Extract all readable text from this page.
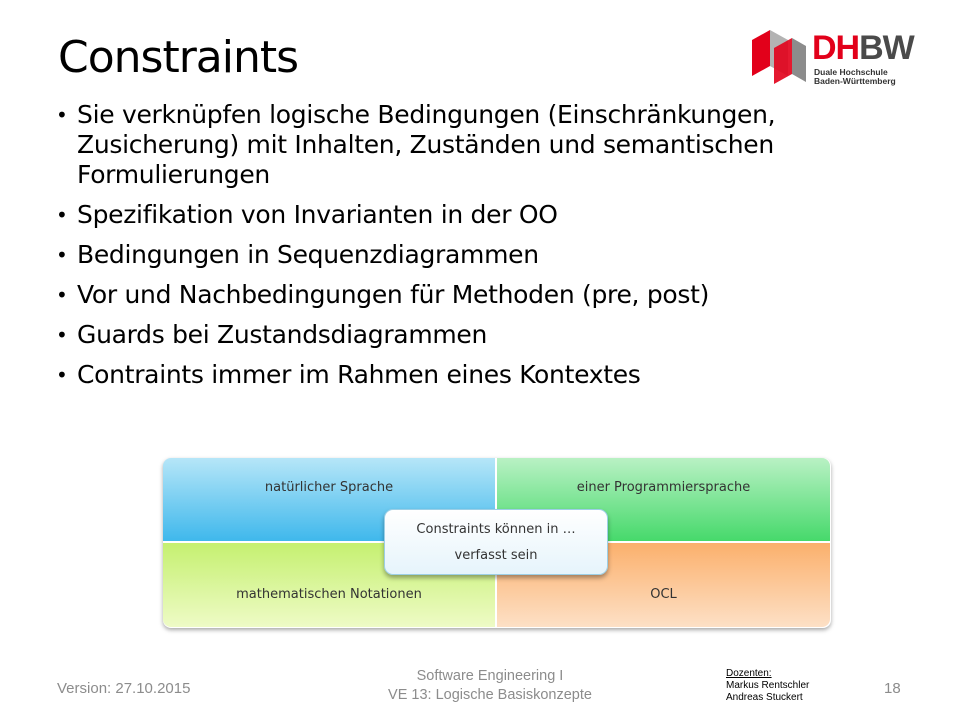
Constraints	DHBW
Duale Hochschule
Baden-Württemberg
• Sie verknüpfen logische Bedingungen (Einschränkungen, Zusicherung) mit Inhalten, Zuständen und semantischen Formulierungen
• Spezifikation von Invarianten in der OO
• Bedingungen in Sequenzdiagrammen
• Vor und Nachbedingungen für Methoden (pre, post)
• Guards bei Zustandsdiagrammen
• Contraints immer im Rahmen eines Kontextes
natürlicher Sprache	einer Programmiersprache
mathematischen Notationen	OCL
Constraints können in …
verfasst sein
Version: 27.10.2015
Software Engineering I
VE 13: Logische Basiskonzepte
Dozenten:
Markus Rentschler
Andreas Stuckert
18
